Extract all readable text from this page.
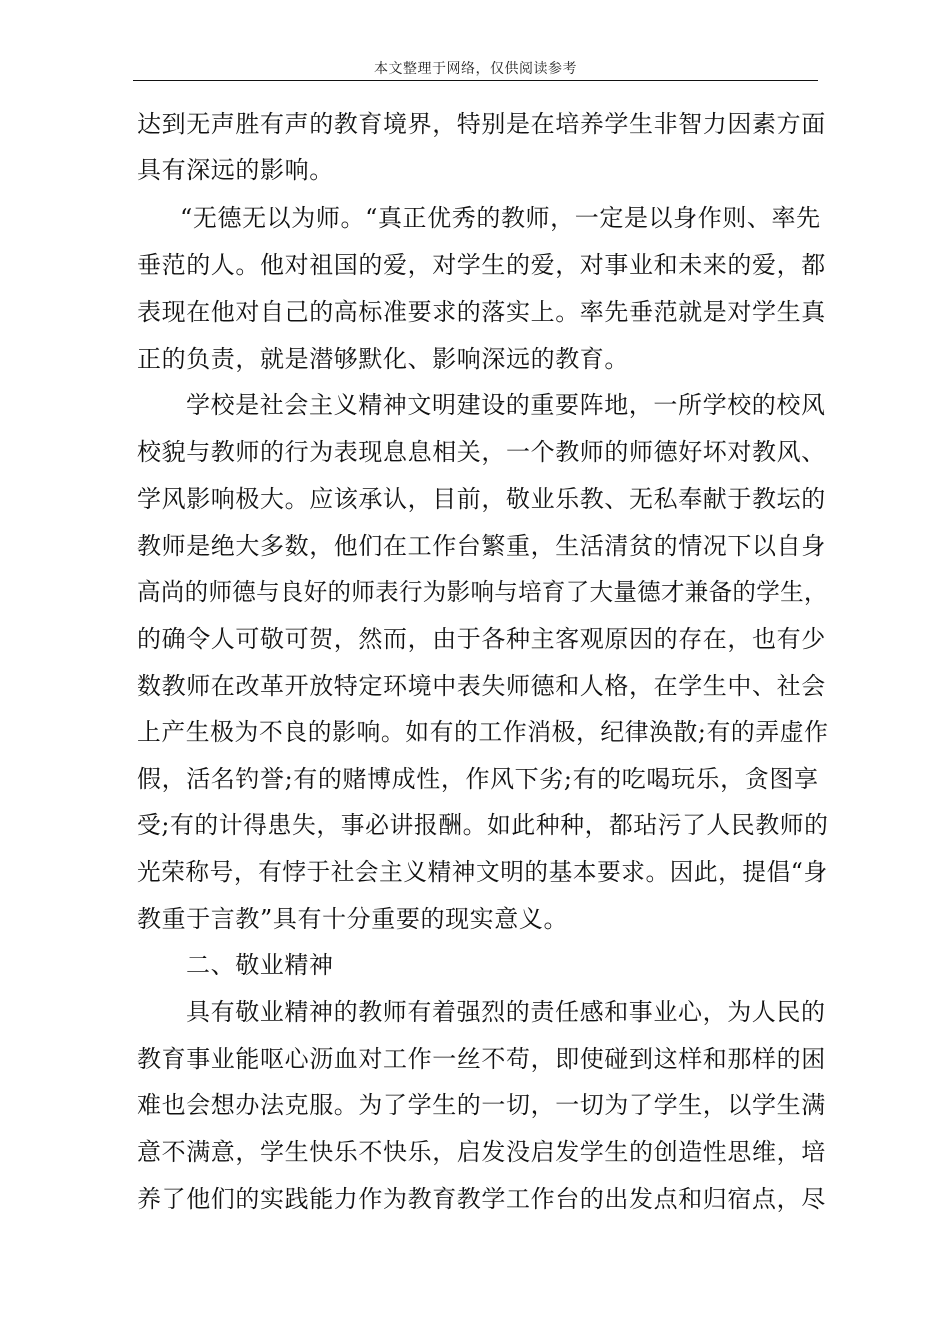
本文整理于网络，仅供阅读参考
达到无声胜有声的教育境界，特别是在培养学生非智力因素方面
具有深远的影响。
“无德无以为师。“真正优秀的教师，一定是以身作则、率先
垂范的人。他对祖国的爱，对学生的爱，对事业和未来的爱，都
表现在他对自己的高标准要求的落实上。率先垂范就是对学生真
正的负责，就是潜够默化、影响深远的教育。
学校是社会主义精神文明建设的重要阵地，一所学校的校风
校貌与教师的行为表现息息相关，一个教师的师德好坏对教风、
学风影响极大。应该承认，目前，敬业乐教、无私奉献于教坛的
教师是绝大多数，他们在工作台繁重，生活清贫的情况下以自身
高尚的师德与良好的师表行为影响与培育了大量德才兼备的学生，
的确令人可敬可贺，然而，由于各种主客观原因的存在，也有少
数教师在改革开放特定环境中表失师德和人格，在学生中、社会
上产生极为不良的影响。如有的工作消极，纪律涣散;有的弄虚作
假，活名钓誉;有的赌博成性，作风下劣;有的吃喝玩乐，贪图享
受;有的计得患失，事必讲报酬。如此种种，都玷污了人民教师的
光荣称号，有悖于社会主义精神文明的基本要求。因此，提倡“身
教重于言教”具有十分重要的现实意义。
二、敬业精神
具有敬业精神的教师有着强烈的责任感和事业心，为人民的
教育事业能呕心沥血对工作一丝不苟，即使碰到这样和那样的困
难也会想办法克服。为了学生的一切，一切为了学生，以学生满
意不满意，学生快乐不快乐，启发没启发学生的创造性思维，培
养了他们的实践能力作为教育教学工作台的出发点和归宿点，尽
